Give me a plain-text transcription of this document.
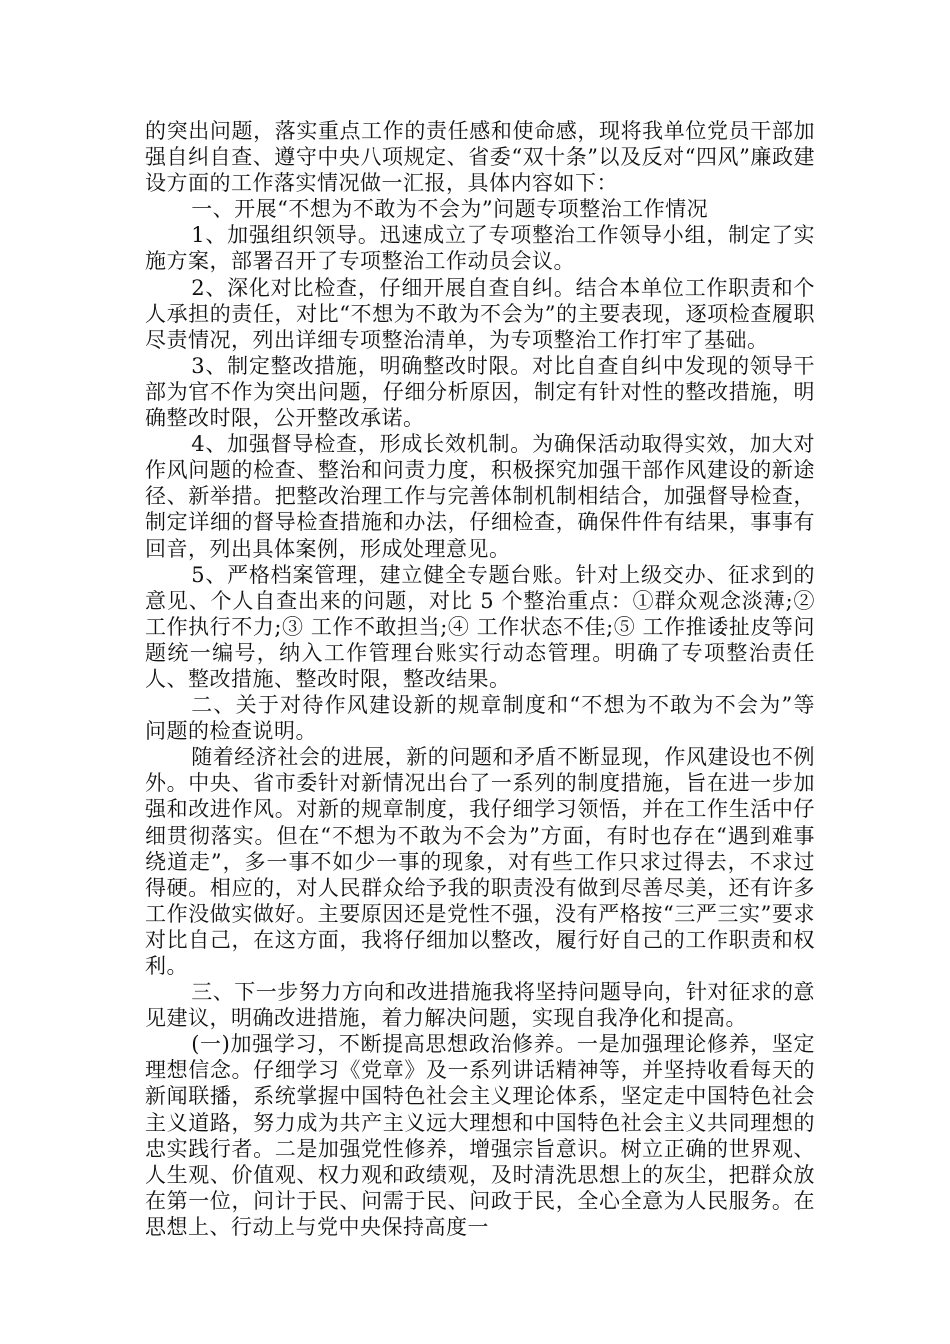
的突出问题，落实重点工作的责任感和使命感，现将我单位党员干部加强自纠自查、遵守中央八项规定、省委“双十条”以及反对“四风”廉政建设方面的工作落实情况做一汇报，具体内容如下：

一、开展“不想为不敢为不会为”问题专项整治工作情况

1、加强组织领导。迅速成立了专项整治工作领导小组，制定了实施方案，部署召开了专项整治工作动员会议。

2、深化对比检查，仔细开展自查自纠。结合本单位工作职责和个人承担的责任，对比“不想为不敢为不会为”的主要表现，逐项检查履职尽责情况，列出详细专项整治清单，为专项整治工作打牢了基础。

3、制定整改措施，明确整改时限。对比自查自纠中发现的领导干部为官不作为突出问题，仔细分析原因，制定有针对性的整改措施，明确整改时限，公开整改承诺。

4、加强督导检查，形成长效机制。为确保活动取得实效，加大对作风问题的检查、整治和问责力度，积极探究加强干部作风建设的新途径、新举措。把整改治理工作与完善体制机制相结合，加强督导检查，制定详细的督导检查措施和办法，仔细检查，确保件件有结果，事事有回音，列出具体案例，形成处理意见。

5、严格档案管理，建立健全专题台账。针对上级交办、征求到的意见、个人自查出来的问题，对比 5 个整治重点：①群众观念淡薄;② 工作执行不力;③ 工作不敢担当;④ 工作状态不佳;⑤ 工作推诿扯皮等问题统一编号，纳入工作管理台账实行动态管理。明确了专项整治责任人、整改措施、整改时限，整改结果。

二、关于对待作风建设新的规章制度和“不想为不敢为不会为”等问题的检查说明。

随着经济社会的进展，新的问题和矛盾不断显现，作风建设也不例外。中央、省市委针对新情况出台了一系列的制度措施，旨在进一步加强和改进作风。对新的规章制度，我仔细学习领悟，并在工作生活中仔细贯彻落实。但在“不想为不敢为不会为”方面，有时也存在“遇到难事绕道走”，多一事不如少一事的现象，对有些工作只求过得去，不求过得硬。相应的，对人民群众给予我的职责没有做到尽善尽美，还有许多工作没做实做好。主要原因还是党性不强，没有严格按“三严三实”要求对比自己，在这方面，我将仔细加以整改，履行好自己的工作职责和权利。

三、下一步努力方向和改进措施我将坚持问题导向，针对征求的意见建议，明确改进措施，着力解决问题，实现自我净化和提高。

(一)加强学习，不断提高思想政治修养。一是加强理论修养，坚定理想信念。仔细学习《党章》及一系列讲话精神等，并坚持收看每天的新闻联播，系统掌握中国特色社会主义理论体系，坚定走中国特色社会主义道路，努力成为共产主义远大理想和中国特色社会主义共同理想的忠实践行者。二是加强党性修养，增强宗旨意识。树立正确的世界观、人生观、价值观、权力观和政绩观，及时清洗思想上的灰尘，把群众放在第一位，问计于民、问需于民、问政于民，全心全意为人民服务。在思想上、行动上与党中央保持高度一
